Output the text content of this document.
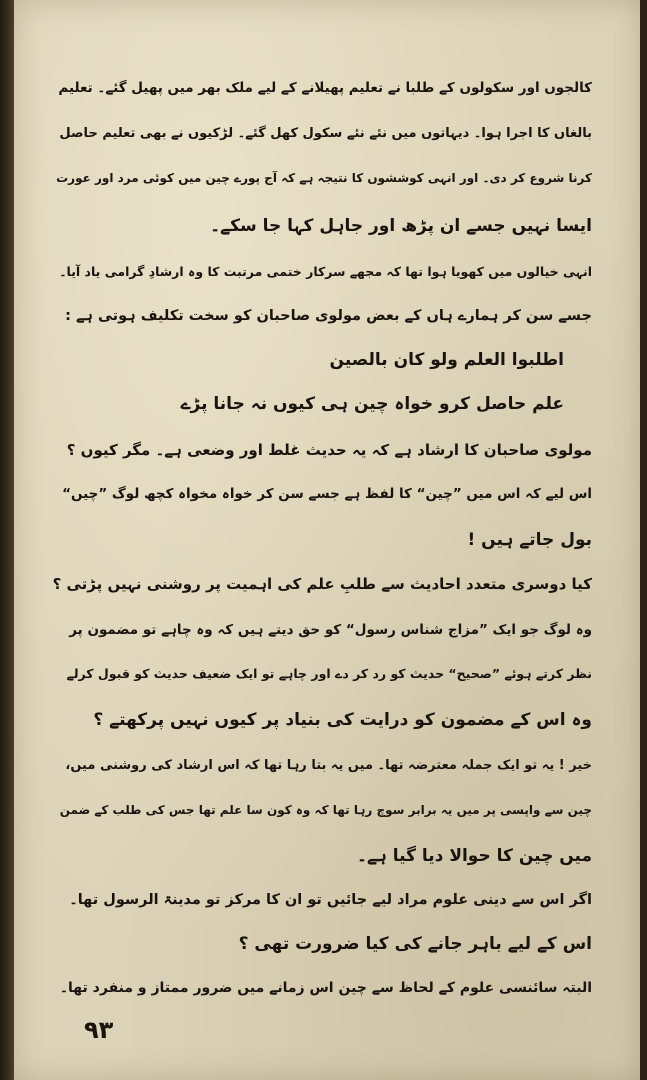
کالجوں اور سکولوں کے طلبا نے تعلیم پھیلانے کے لیے ملک بھر میں پھیل گئے۔ تعلیم
بالغاں کا اجرا ہوا۔ دیہاتوں میں نئے نئے سکول کھل گئے۔ لڑکیوں نے بھی تعلیم حاصل
کرنا شروع کر دی۔ اور انہی کوششوں کا نتیجہ ہے کہ آج پورے چین میں کوئی مرد اور عورت
ایسا نہیں جسے ان پڑھ اور جاہل کہا جا سکے۔
انہی خیالوں میں کھویا ہوا تھا کہ مجھے سرکار ختمی مرتبت کا وہ ارشادِ گرامی یاد آیا۔
جسے سن کر ہمارے ہاں کے بعض مولوی صاحبان کو سخت تکلیف ہوتی ہے :
اطلبوا العلم ولو کان بالصین
علم حاصل کرو خواہ چین ہی کیوں نہ جانا پڑے
مولوی صاحبان کا ارشاد ہے کہ یہ حدیث غلط اور وضعی ہے۔ مگر کیوں ؟
اس لیے کہ اس میں ”چین“ کا لفظ ہے جسے سن کر خواہ مخواہ کچھ لوگ ”چیں“
بول جاتے ہیں !
کیا دوسری متعدد احادیث سے طلبِ علم کی اہمیت پر روشنی نہیں پڑتی ؟
وہ لوگ جو ایک ”مزاج شناس رسول“ کو حق دیتے ہیں کہ وہ چاہے تو مضمون پر
نظر کرتے ہوئے ”صحیح“ حدیث کو رد کر دے اور چاہے تو ایک ضعیف حدیث کو قبول کرلے
وہ اس کے مضمون کو درایت کی بنیاد پر کیوں نہیں پرکھتے ؟
خیر ! یہ تو ایک جملہ معترضہ تھا۔ میں یہ بتا رہا تھا کہ اس ارشاد کی روشنی میں،
چین سے واپسی پر میں یہ برابر سوچ رہا تھا کہ وہ کون سا علم تھا جس کی طلب کے ضمن
میں چین کا حوالا دیا گیا ہے۔
اگر اس سے دینی علوم مراد لیے جائیں تو ان کا مرکز تو مدینۃ الرسول تھا۔
اس کے لیے باہر جانے کی کیا ضرورت تھی ؟
البتہ سائنسی علوم کے لحاظ سے چین اس زمانے میں ضرور ممتاز و منفرد تھا۔
۹۳
